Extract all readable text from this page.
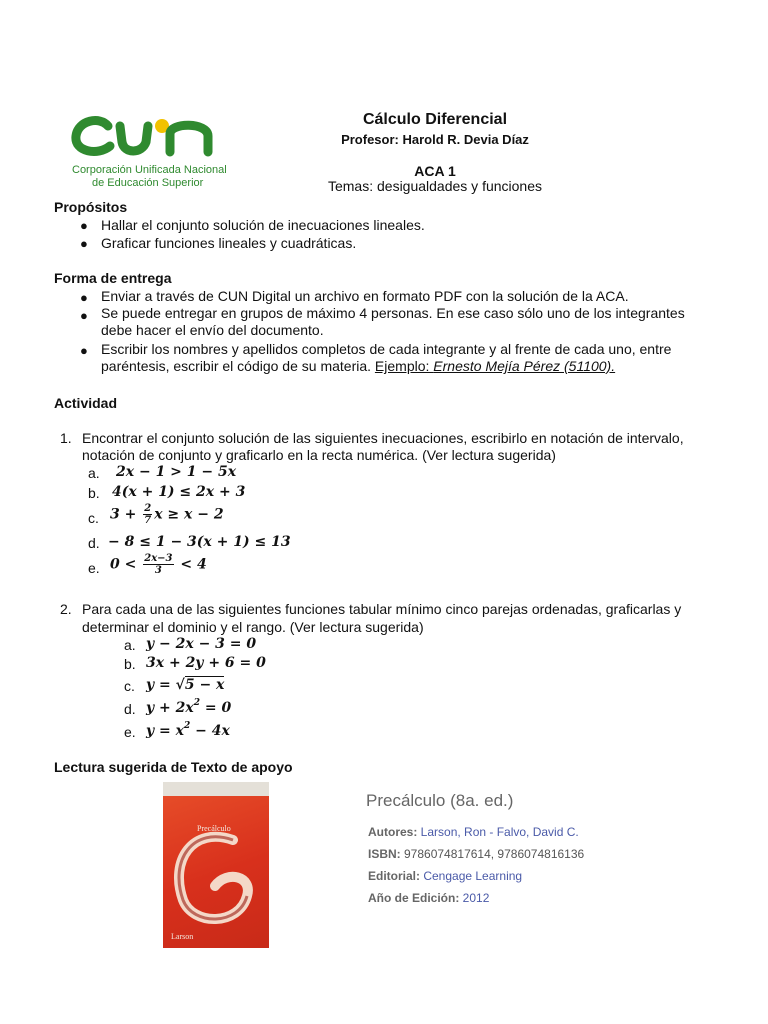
Corporación Unificada Nacional
de Educación Superior
Cálculo Diferencial
Profesor: Harold R. Devia Díaz
ACA 1
Temas: desigualdades y funciones
Propósitos
● Hallar el conjunto solución de inecuaciones lineales.
● Graficar funciones lineales y cuadráticas.
Forma de entrega
● Enviar a través de CUN Digital un archivo en formato PDF con la solución de la ACA.
● Se puede entregar en grupos de máximo 4 personas. En ese caso sólo uno de los integrantes
debe hacer el envío del documento.
● Escribir los nombres y apellidos completos de cada integrante y al frente de cada uno, entre
paréntesis, escribir el código de su materia. Ejemplo: Ernesto Mejía Pérez (51100).
Actividad
1. Encontrar el conjunto solución de las siguientes inecuaciones, escribirlo en notación de intervalo,
notación de conjunto y graficarlo en la recta numérica. (Ver lectura sugerida)
a. 2x − 1 > 1 − 5x
b. 4(x + 1) ≤ 2x + 3
c. $3 + \frac{2}{7}$ x ≥ x − 2
d. − 8 ≤ 1 − 3(x + 1) ≤ 13
e. $0 < \frac{2x-3}{3} < 4$
2. Para cada una de las siguientes funciones tabular mínimo cinco parejas ordenadas, graficarlas y
determinar el dominio y el rango. (Ver lectura sugerida)
a. y − 2x − 3 = 0
b. 3x + 2y + 6 = 0
c. y = √5 − x
d. $y + 2x^2 = 0$
e. $y = x^2 - 4x$
Lectura sugerida de Texto de apoyo
Precálculo
Larson
Precálculo (8a. ed.)
Autores: Larson, Ron - Falvo, David C.
ISBN: 9786074817614, 9786074816136
Editorial: Cengage Learning
Año de Edición: 2012
